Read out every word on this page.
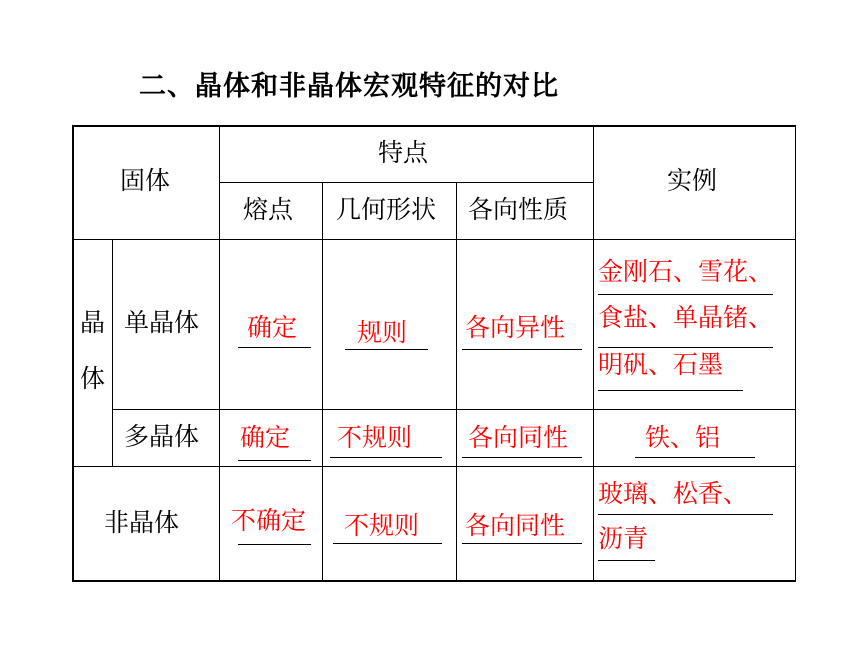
二、晶体和非晶体宏观特征的对比
固体
特点
实例
熔点 几何形状 各向性质
晶
体
单晶体 确定 规则 各向异性
金刚石、雪花、
食盐、单晶锗、
明矾、石墨
多晶体 确定 不规则 各向同性	铁、铝
非晶体 不确定 不规则 各向同性
玻璃、松香、
沥青
